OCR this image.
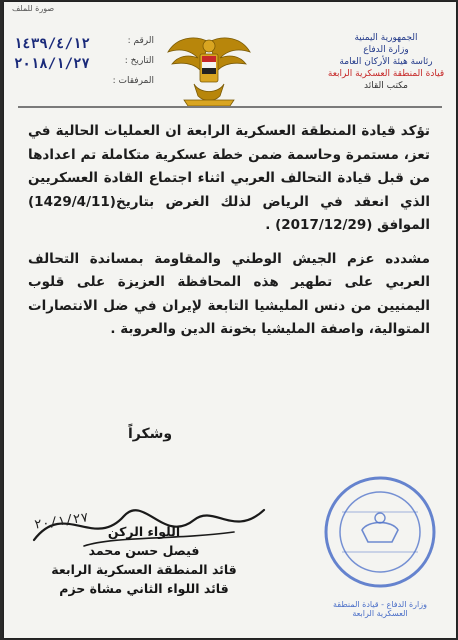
ﺻﻮرة ﻟﻠﻤﻠﻒ
الجمهورية اليمنية
وزارة الدفاع
رئاسة هيئة الأركان العامة
قيادة المنطقة العسكرية الرابعة
مكتب القائد
١٤٣٩/٤/١٢	الرقم :
٢٠١٨/١/٢٧	التاريخ :
المرفقات :

تؤكد قيادة المنطقة العسكرية الرابعة ان العمليات الحالية في تعز، مستمرة وحاسمة ضمن خطة عسكرية متكاملة تم اعدادها من قبل قيادة التحالف العربي اثناء اجتماع القادة العسكريين الذي انعقد في الرياض لذلك الغرض بتاريخ(1429/4/11) الموافق (2017/12/29) .

مشدده عزم الجيش الوطني والمقاومة بمساندة التحالف العربي على تطهير هذه المحافظة العزيزة على قلوب اليمنيين من دنس المليشيا التابعة لإيران في ضل الانتصارات المتوالية، واصفة المليشيا بخونة الدين والعروبة .

وشكراً
٢٠/١/٢٧	اللواء الركن
فيصل حسن محمد
قائد المنطقة العسكرية الرابعة
قائد اللواء الثاني مشاة حزم
وزارة الدفاع - قيادة المنطقة العسكرية الرابعة
